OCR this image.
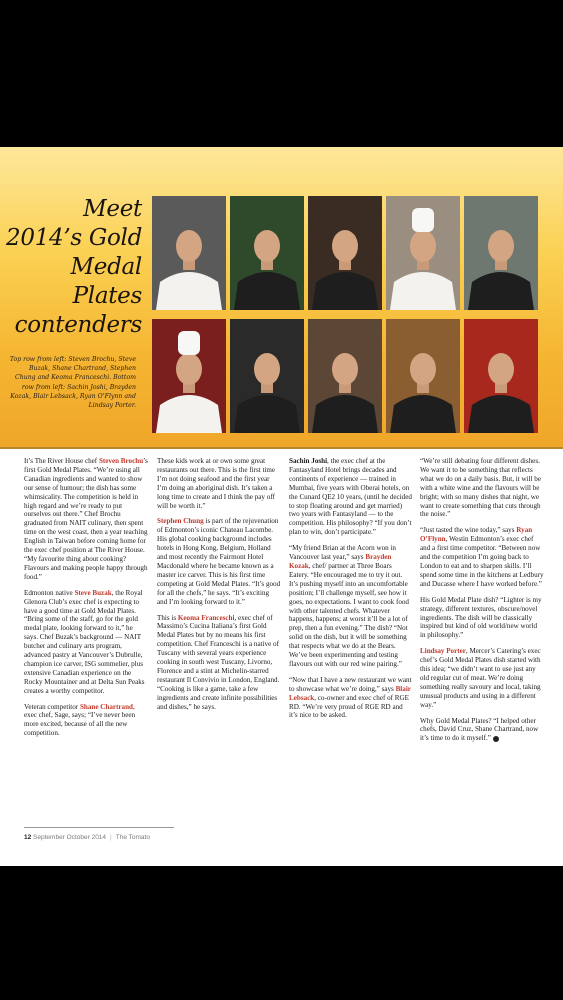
Meet
2014’s Gold
Medal Plates
contenders
Top row from left: Steven Brochu, Steve Buzak, Shane Chartrand, Stephen Chung and Keoma Franceschi. Bottom row from left: Sachin Joshi, Brayden Kozak, Blair Lebsack, Ryan O’Flynn and Lindsay Porter.

It’s The River House chef Steven Brochu’s first Gold Medal Plates. “We’re using all Canadian ingredients and wanted to show our sense of humour; the dish has some whimsicality. The competition is held in high regard and we’re ready to put ourselves out there.” Chef Brochu graduated from NAIT culinary, then spent time on the west coast, then a year teaching English in Taiwan before coming home for the exec chef position at The River House. “My favourite thing about cooking? Flavours and making people happy through food.”

Edmonton native Steve Buzak, the Royal Glenora Club’s exec chef is expecting to have a good time at Gold Medal Plates. “Bring some of the staff, go for the gold medal plate, looking forward to it,” he says. Chef Buzak’s background — NAIT butcher and culinary arts program, advanced pastry at Vancouver’s Dubrulle, champion ice carver, ISG sommelier, plus extensive Canadian experience on the Rocky Mountainer and at Delta Sun Peaks creates a worthy competitor.

Veteran competitor Shane Chartrand, exec chef, Sage, says; “I’ve never been more excited, because of all the new competition.

These kids work at or own some great restaurants out there. This is the first time I’m not doing seafood and the first year I’m doing an aboriginal dish. It’s taken a long time to create and I think the pay off will be worth it.”

Stephen Chung is part of the rejuvenation of Edmonton’s iconic Chateau Lacombe. His global cooking background includes hotels in Hong Kong, Belgium, Holland and most recently the Fairmont Hotel Macdonald where he became known as a master ice carver. This is his first time competing at Gold Medal Plates. “It’s good for all the chefs,” he says. “It’s exciting and I’m looking forward to it.”

This is Keoma Franceschi, exec chef of Massimo’s Cucina Italiana’s first Gold Medal Plates but by no means his first competition. Chef Franceschi is a native of Tuscany with several years experience cooking in south west Tuscany, Livorno, Florence and a stint at Michelin-starred restaurant Il Convivio in London, England. “Cooking is like a game, take a few ingredients and create infinite possibilities and dishes,” he says.

Sachin Joshi, the exec chef at the Fantasyland Hotel brings decades and continents of experience — trained in Mumbai, five years with Oberai hotels, on the Cunard QE2 10 years, (until he decided to stop floating around and get married) two years with Fantasyland — to the competition. His philosophy? “If you don’t plan to win, don’t participate.”

“My friend Brian at the Acorn won in Vancouver last year,” says Brayden Kozak, chef/ partner at Three Boars Eatery. “He encouraged me to try it out. It’s pushing myself into an uncomfortable position; I’ll challenge myself, see how it goes, no expectations. I want to cook food with other talented chefs. Whatever happens, happens; at worst it’ll be a lot of prep, then a fun evening.” The dish? “Not solid on the dish, but it will be something that respects what we do at the Bears. We’ve been experimenting and testing flavours out with our red wine pairing.”

“Now that I have a new restaurant we want to showcase what we’re doing,” says Blair Lebsack, co-owner and exec chef of RGE RD. “We’re very proud of RGE RD and it’s nice to be asked.

“We’re still debating four different dishes. We want it to be something that reflects what we do on a daily basis. But, it will be with a white wine and the flavours will be bright; with so many dishes that night, we want to create something that cuts through the noise.”

“Just tasted the wine today,” says Ryan O’Flynn, Westin Edmonton’s exec chef and a first time competitor. “Between now and the competition I’m going back to London to eat and to sharpen skills. I’ll spend some time in the kitchens at Ledbury and Ducasse where I have worked before.”

His Gold Medal Plate dish? “Lighter is my strategy, different textures, obscure/novel ingredients. The dish will be classically inspired but kind of old world/new world in philosophy.”

Lindsay Porter, Mercer’s Catering’s exec chef’s Gold Medal Plates dish started with this idea; “we didn’t want to use just any old regular cut of meat. We’re doing something really savoury and local, taking unusual products and using in a different way.”

Why Gold Medal Plates? “I helped other chefs, David Cruz, Shane Chartrand, now it’s time to do it myself.”

12 September October 2014 | The Tomato
